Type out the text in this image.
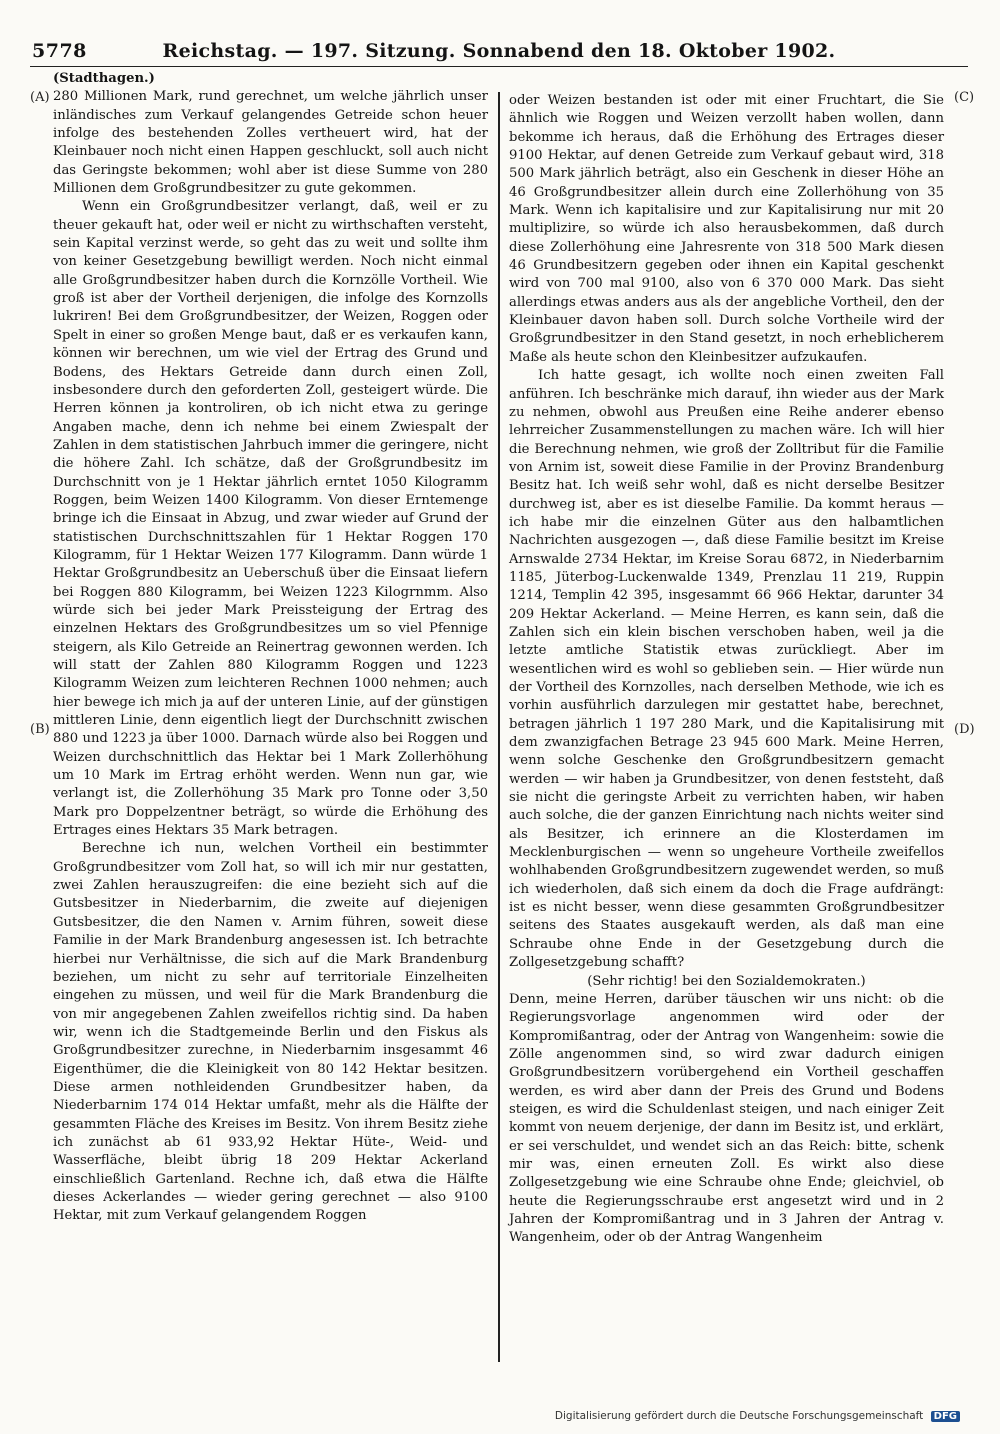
5778	Reichstag. — 197. Sitzung. Sonnabend den 18. Oktober 1902.
(A)
(B)
(C)
(D)

(Stadthagen.)

280 Millionen Mark, rund gerechnet, um welche jährlich unser inländisches zum Verkauf gelangendes Getreide schon heuer infolge des bestehenden Zolles vertheuert wird, hat der Kleinbauer noch nicht einen Happen geschluckt, soll auch nicht das Geringste bekommen; wohl aber ist diese Summe von 280 Millionen dem Großgrundbesitzer zu gute gekommen.

Wenn ein Großgrundbesitzer verlangt, daß, weil er zu theuer gekauft hat, oder weil er nicht zu wirthschaften versteht, sein Kapital verzinst werde, so geht das zu weit und sollte ihm von keiner Gesetzgebung bewilligt werden. Noch nicht einmal alle Großgrundbesitzer haben durch die Kornzölle Vortheil. Wie groß ist aber der Vortheil derjenigen, die infolge des Kornzolls lukriren! Bei dem Großgrundbesitzer, der Weizen, Roggen oder Spelt in einer so großen Menge baut, daß er es verkaufen kann, können wir berechnen, um wie viel der Ertrag des Grund und Bodens, des Hektars Getreide dann durch einen Zoll, insbesondere durch den geforderten Zoll, gesteigert würde. Die Herren können ja kontroliren, ob ich nicht etwa zu geringe Angaben mache, denn ich nehme bei einem Zwiespalt der Zahlen in dem statistischen Jahrbuch immer die geringere, nicht die höhere Zahl. Ich schätze, daß der Großgrundbesitz im Durchschnitt von je 1 Hektar jährlich erntet 1050 Kilogramm Roggen, beim Weizen 1400 Kilogramm. Von dieser Erntemenge bringe ich die Einsaat in Abzug, und zwar wieder auf Grund der statistischen Durchschnittszahlen für 1 Hektar Roggen 170 Kilogramm, für 1 Hektar Weizen 177 Kilogramm. Dann würde 1 Hektar Großgrundbesitz an Ueberschuß über die Einsaat liefern bei Roggen 880 Kilogramm, bei Weizen 1223 Kilogrnmm. Also würde sich bei jeder Mark Preissteigung der Ertrag des einzelnen Hektars des Großgrundbesitzes um so viel Pfennige steigern, als Kilo Getreide an Reinertrag gewonnen werden. Ich will statt der Zahlen 880 Kilogramm Roggen und 1223 Kilogramm Weizen zum leichteren Rechnen 1000 nehmen; auch hier bewege ich mich ja auf der unteren Linie, auf der günstigen mittleren Linie, denn eigentlich liegt der Durchschnitt zwischen 880 und 1223 ja über 1000. Darnach würde also bei Roggen und Weizen durchschnittlich das Hektar bei 1 Mark Zollerhöhung um 10 Mark im Ertrag erhöht werden. Wenn nun gar, wie verlangt ist, die Zollerhöhung 35 Mark pro Tonne oder 3,50 Mark pro Doppelzentner beträgt, so würde die Erhöhung des Ertrages eines Hektars 35 Mark betragen.

Berechne ich nun, welchen Vortheil ein bestimmter Großgrundbesitzer vom Zoll hat, so will ich mir nur gestatten, zwei Zahlen herauszugreifen: die eine bezieht sich auf die Gutsbesitzer in Niederbarnim, die zweite auf diejenigen Gutsbesitzer, die den Namen v. Arnim führen, soweit diese Familie in der Mark Brandenburg angesessen ist. Ich betrachte hierbei nur Verhältnisse, die sich auf die Mark Brandenburg beziehen, um nicht zu sehr auf territoriale Einzelheiten eingehen zu müssen, und weil für die Mark Brandenburg die von mir angegebenen Zahlen zweifellos richtig sind. Da haben wir, wenn ich die Stadtgemeinde Berlin und den Fiskus als Großgrundbesitzer zurechne, in Niederbarnim insgesammt 46 Eigenthümer, die die Kleinigkeit von 80 142 Hektar besitzen. Diese armen nothleidenden Grundbesitzer haben, da Niederbarnim 174 014 Hektar umfaßt, mehr als die Hälfte der gesammten Fläche des Kreises im Besitz. Von ihrem Besitz ziehe ich zunächst ab 61 933,92 Hektar Hüte-, Weid- und Wasserfläche, bleibt übrig 18 209 Hektar Ackerland einschließlich Gartenland. Rechne ich, daß etwa die Hälfte dieses Ackerlandes — wieder gering gerechnet — also 9100 Hektar, mit zum Verkauf gelangendem Roggen

oder Weizen bestanden ist oder mit einer Fruchtart, die Sie ähnlich wie Roggen und Weizen verzollt haben wollen, dann bekomme ich heraus, daß die Erhöhung des Ertrages dieser 9100 Hektar, auf denen Getreide zum Verkauf gebaut wird, 318 500 Mark jährlich beträgt, also ein Geschenk in dieser Höhe an 46 Großgrundbesitzer allein durch eine Zollerhöhung von 35 Mark. Wenn ich kapitalisire und zur Kapitalisirung nur mit 20 multiplizire, so würde ich also herausbekommen, daß durch diese Zollerhöhung eine Jahresrente von 318 500 Mark diesen 46 Grundbesitzern gegeben oder ihnen ein Kapital geschenkt wird von 700 mal 9100, also von 6 370 000 Mark. Das sieht allerdings etwas anders aus als der angebliche Vortheil, den der Kleinbauer davon haben soll. Durch solche Vortheile wird der Großgrundbesitzer in den Stand gesetzt, in noch erheblicherem Maße als heute schon den Kleinbesitzer aufzukaufen.

Ich hatte gesagt, ich wollte noch einen zweiten Fall anführen. Ich beschränke mich darauf, ihn wieder aus der Mark zu nehmen, obwohl aus Preußen eine Reihe anderer ebenso lehrreicher Zusammenstellungen zu machen wäre. Ich will hier die Berechnung nehmen, wie groß der Zolltribut für die Familie von Arnim ist, soweit diese Familie in der Provinz Brandenburg Besitz hat. Ich weiß sehr wohl, daß es nicht derselbe Besitzer durchweg ist, aber es ist dieselbe Familie. Da kommt heraus — ich habe mir die einzelnen Güter aus den halbamtlichen Nachrichten ausgezogen —, daß diese Familie besitzt im Kreise Arnswalde 2734 Hektar, im Kreise Sorau 6872, in Niederbarnim 1185, Jüterbog-Luckenwalde 1349, Prenzlau 11 219, Ruppin 1214, Templin 42 395, insgesammt 66 966 Hektar, darunter 34 209 Hektar Ackerland. — Meine Herren, es kann sein, daß die Zahlen sich ein klein bischen verschoben haben, weil ja die letzte amtliche Statistik etwas zurückliegt. Aber im wesentlichen wird es wohl so geblieben sein. — Hier würde nun der Vortheil des Kornzolles, nach derselben Methode, wie ich es vorhin ausführlich darzulegen mir gestattet habe, berechnet, betragen jährlich 1 197 280 Mark, und die Kapitalisirung mit dem zwanzigfachen Betrage 23 945 600 Mark. Meine Herren, wenn solche Geschenke den Großgrundbesitzern gemacht werden — wir haben ja Grundbesitzer, von denen feststeht, daß sie nicht die geringste Arbeit zu verrichten haben, wir haben auch solche, die der ganzen Einrichtung nach nichts weiter sind als Besitzer, ich erinnere an die Klosterdamen im Mecklenburgischen — wenn so ungeheure Vortheile zweifellos wohlhabenden Großgrundbesitzern zugewendet werden, so muß ich wiederholen, daß sich einem da doch die Frage aufdrängt: ist es nicht besser, wenn diese gesammten Großgrundbesitzer seitens des Staates ausgekauft werden, als daß man eine Schraube ohne Ende in der Gesetzgebung durch die Zollgesetzgebung schafft?

(Sehr richtig! bei den Sozialdemokraten.)

Denn, meine Herren, darüber täuschen wir uns nicht: ob die Regierungsvorlage angenommen wird oder der Kompromißantrag, oder der Antrag von Wangenheim: sowie die Zölle angenommen sind, so wird zwar dadurch einigen Großgrundbesitzern vorübergehend ein Vortheil geschaffen werden, es wird aber dann der Preis des Grund und Bodens steigen, es wird die Schuldenlast steigen, und nach einiger Zeit kommt von neuem derjenige, der dann im Besitz ist, und erklärt, er sei verschuldet, und wendet sich an das Reich: bitte, schenk mir was, einen erneuten Zoll. Es wirkt also diese Zollgesetzgebung wie eine Schraube ohne Ende; gleichviel, ob heute die Regierungsschraube erst angesetzt wird und in 2 Jahren der Kompromißantrag und in 3 Jahren der Antrag v. Wangenheim, oder ob der Antrag Wangenheim

Digitalisierung gefördert durch die Deutsche Forschungsgemeinschaft DFG
